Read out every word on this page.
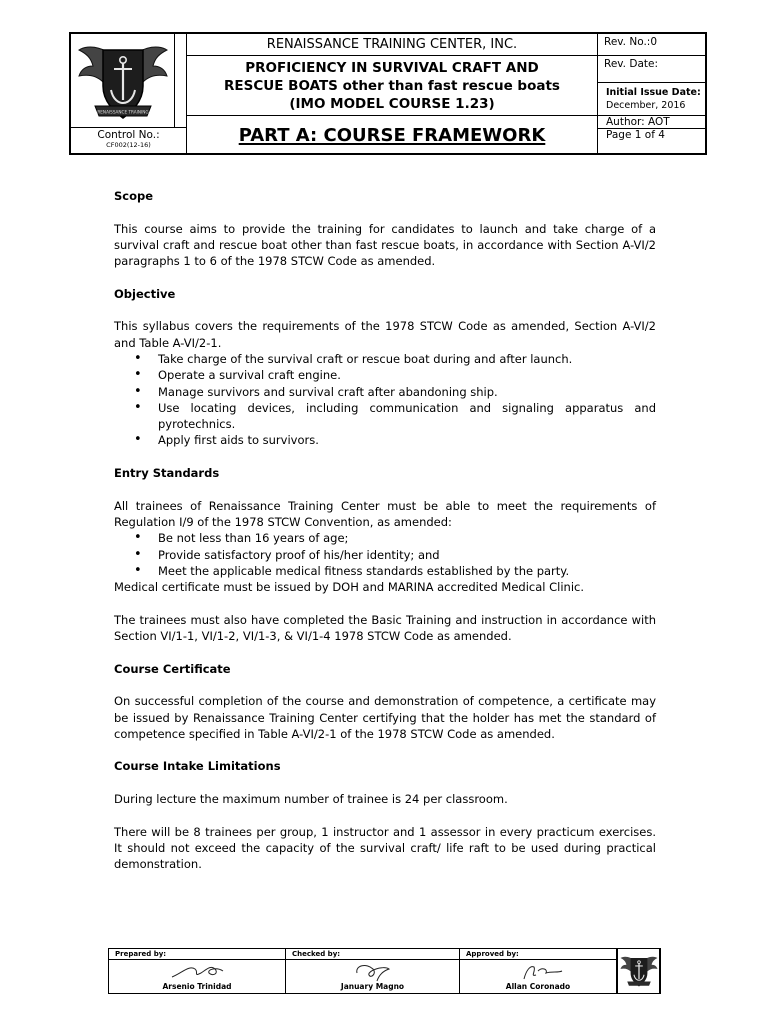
RENAISSANCE TRAINING
Control No.:
CF002(12-16)
RENAISSANCE TRAINING CENTER, INC.
PROFICIENCY IN SURVIVAL CRAFT AND
RESCUE BOATS other than fast rescue boats
(IMO MODEL COURSE 1.23)
PART A: COURSE FRAMEWORK
Rev. No.:0
Rev. Date:
Initial Issue Date:
December, 2016
Author: AOT
Page 1 of 4
Scope

This course aims to provide the training for candidates to launch and take charge of a survival craft and rescue boat other than fast rescue boats, in accordance with Section A-VI/2 paragraphs 1 to 6 of the 1978 STCW Code as amended.

Objective

This syllabus covers the requirements of the 1978 STCW Code as amended, Section A-VI/2 and Table A-VI/2-1.

• Take charge of the survival craft or rescue boat during and after launch.
• Operate a survival craft engine.
• Manage survivors and survival craft after abandoning ship.
• Use locating devices, including communication and signaling apparatus and pyrotechnics.
• Apply first aids to survivors.
Entry Standards

All trainees of Renaissance Training Center must be able to meet the requirements of Regulation I/9 of the 1978 STCW Convention, as amended:

• Be not less than 16 years of age;
• Provide satisfactory proof of his/her identity; and
• Meet the applicable medical fitness standards established by the party.

Medical certificate must be issued by DOH and MARINA accredited Medical Clinic.

The trainees must also have completed the Basic Training and instruction in accordance with Section VI/1-1, VI/1-2, VI/1-3, & VI/1-4 1978 STCW Code as amended.

Course Certificate

On successful completion of the course and demonstration of competence, a certificate may be issued by Renaissance Training Center certifying that the holder has met the standard of competence specified in Table A-VI/2-1 of the 1978 STCW Code as amended.

Course Intake Limitations

During lecture the maximum number of trainee is 24 per classroom.

There will be 8 trainees per group, 1 instructor and 1 assessor in every practicum exercises. It should not exceed the capacity of the survival craft/ life raft to be used during practical demonstration.

Prepared by:
Arsenio Trinidad
Checked by:
January Magno
Approved by:
Allan Coronado
